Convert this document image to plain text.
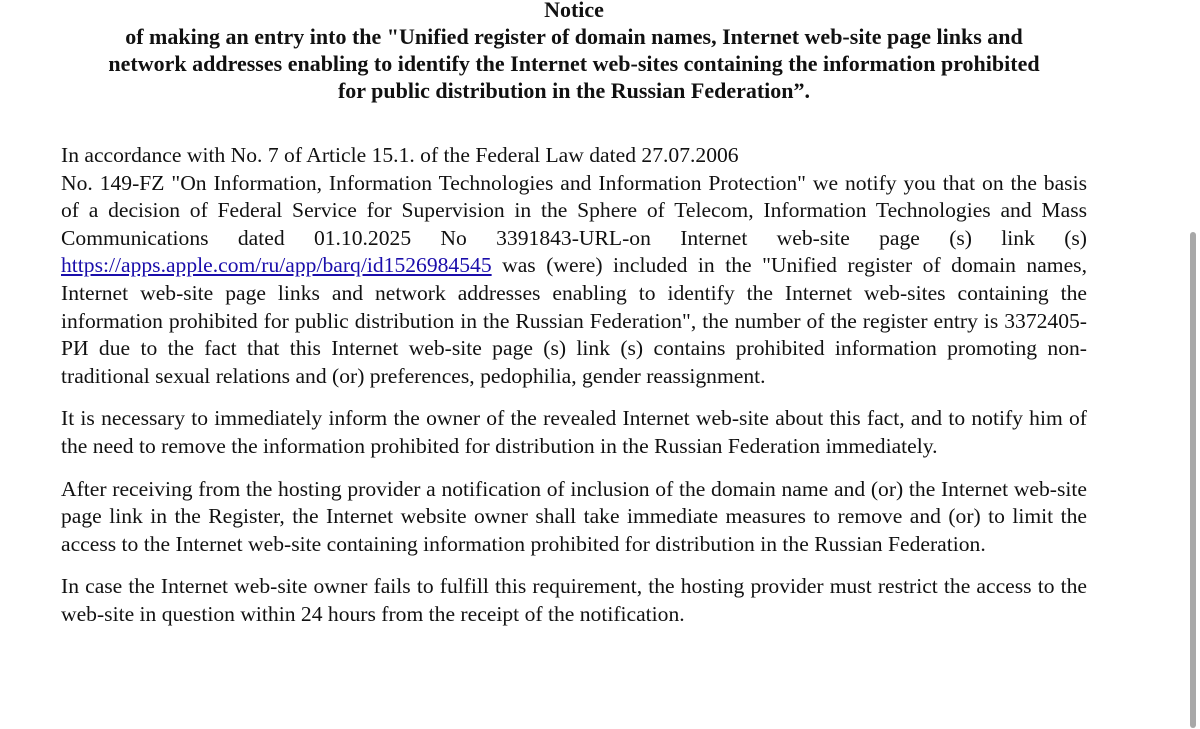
Notice
of making an entry into the "Unified register of domain names, Internet web-site page links and
network addresses enabling to identify the Internet web-sites containing the information prohibited
for public distribution in the Russian Federation”.

In accordance with No. 7 of Article 15.1. of the Federal Law dated 27.07.2006
No. 149-FZ "On Information, Information Technologies and Information Protection" we notify you that on the basis of a decision of Federal Service for Supervision in the Sphere of Telecom, Information Technologies and Mass Communications dated 01.10.2025 No 3391843-URL-on Internet web-site page (s) link (s) https://apps.apple.com/ru/app/barq/id1526984545 was (were) included in the "Unified register of domain names, Internet web-site page links and network addresses enabling to identify the Internet web-sites containing the information prohibited for public distribution in the Russian Federation", the number of the register entry is 3372405-РИ due to the fact that this Internet web-site page (s) link (s) contains prohibited information promoting non-traditional sexual relations and (or) preferences, pedophilia, gender reassignment.

It is necessary to immediately inform the owner of the revealed Internet web-site about this fact, and to notify him of the need to remove the information prohibited for distribution in the Russian Federation immediately.

After receiving from the hosting provider a notification of inclusion of the domain name and (or) the Internet web-site page link in the Register, the Internet website owner shall take immediate measures to remove and (or) to limit the access to the Internet web-site containing information prohibited for distribution in the Russian Federation.

In case the Internet web-site owner fails to fulfill this requirement, the hosting provider must restrict the access to the web-site in question within 24 hours from the receipt of the notification.
